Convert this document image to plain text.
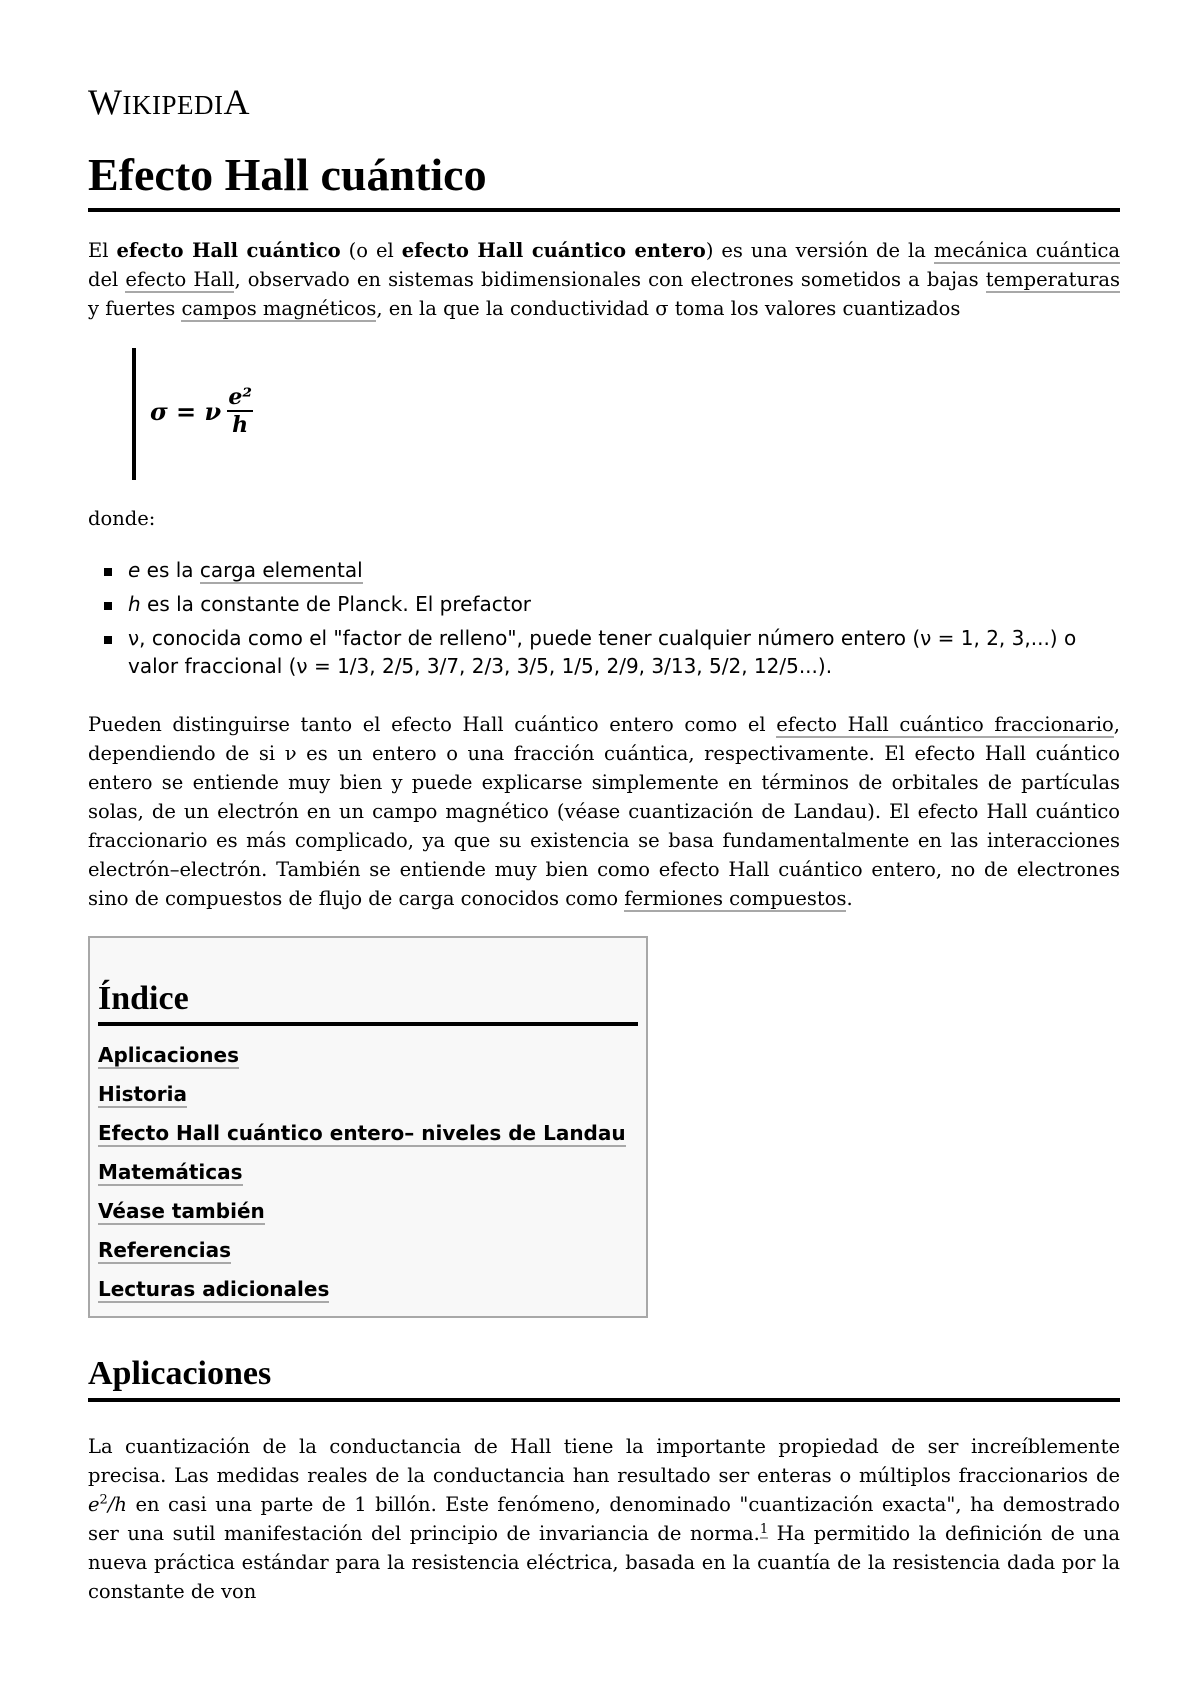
WIKIPEDIA
Efecto Hall cuántico

El efecto Hall cuántico (o el efecto Hall cuántico entero) es una versión de la mecánica cuántica del efecto Hall, observado en sistemas bidimensionales con electrones sometidos a bajas temperaturas y fuertes campos magnéticos, en la que la conductividad σ toma los valores cuantizados

σ = ν $\frac{\text{e²}}{h}$

donde:

e es la carga elemental
h es la constante de Planck. El prefactor
ν, conocida como el "factor de relleno", puede tener cualquier número entero (ν = 1, 2, 3,...) o valor fraccional (ν = 1/3, 2/5, 3/7, 2/3, 3/5, 1/5, 2/9, 3/13, 5/2, 12/5...).

Pueden distinguirse tanto el efecto Hall cuántico entero como el efecto Hall cuántico fraccionario, dependiendo de si ν es un entero o una fracción cuántica, respectivamente. El efecto Hall cuántico entero se entiende muy bien y puede explicarse simplemente en términos de orbitales de partículas solas, de un electrón en un campo magnético (véase cuantización de Landau). El efecto Hall cuántico fraccionario es más complicado, ya que su existencia se basa fundamentalmente en las interacciones electrón–electrón. También se entiende muy bien como efecto Hall cuántico entero, no de electrones sino de compuestos de flujo de carga conocidos como fermiones compuestos.

Índice
Aplicaciones
Historia
Efecto Hall cuántico entero– niveles de Landau
Matemáticas
Véase también
Referencias
Lecturas adicionales
Aplicaciones

La cuantización de la conductancia de Hall tiene la importante propiedad de ser increíblemente precisa. Las medidas reales de la conductancia han resultado ser enteras o múltiplos fraccionarios de $e^2/h$ en casi una parte de 1 billón. Este fenómeno, denominado "cuantización exacta", ha demostrado ser una sutil manifestación del principio de invariancia de norma.$^1$ Ha permitido la definición de una nueva práctica estándar para la resistencia eléctrica, basada en la cuantía de la resistencia dada por la constante de von
